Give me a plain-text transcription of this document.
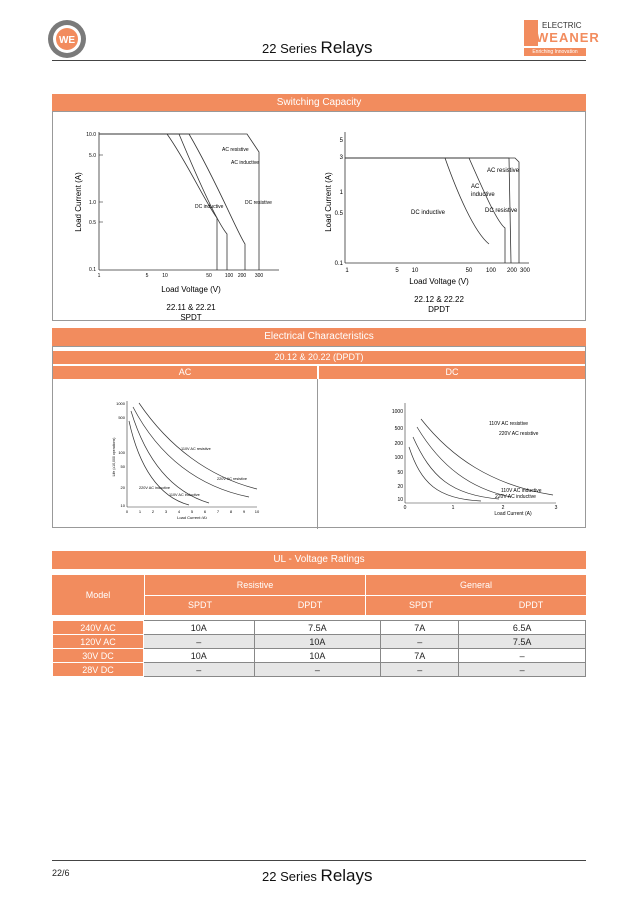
WE
22 Series Relays
ELECTRIC
WEANER
Enriching Innovation
Switching Capacity
Load Current (A)
10.0
5.0
1.0
0.5
0.1
1	5	10	50	100 200 300
AC resistive
AC inductive
DC resistive
DC inductive
Load Voltage (V)
22.11 & 22.21
SPDT
Load Current (A)
5
3
1
0.5
0.1
1	5 10	50 100 200 300
AC resistive
AC
inductive
DC inductive	DC resistive
Load Voltage (V)
22.12 & 22.22
DPDT
Electrical Characteristics
20.12 & 20.22 (DPDT)
AC	DC
Life (x10,000 operations)
1000
500
100
50
20
10
0	1	2	3	4	5	6	7	8	9 10
110V AC resistive
220V AC resistive
220V AC inductive
110V AC inductive
Load Current (A)
1000
500
200
100
50
20
10
0	1	2	3
110V AC resistive
220V AC resistive
110V AC inductive
220V AC inductive
Load Current (A)
UL - Voltage Ratings
Model
Resistive	General
SPDT	DPDT	SPDT	DPDT
240V AC	10A	7.5A	7A	6.5A
120V AC	–	10A	–	7.5A
30V DC	10A	10A	7A	–
28V DC	–	–	–	–
22/6	22 Series Relays
